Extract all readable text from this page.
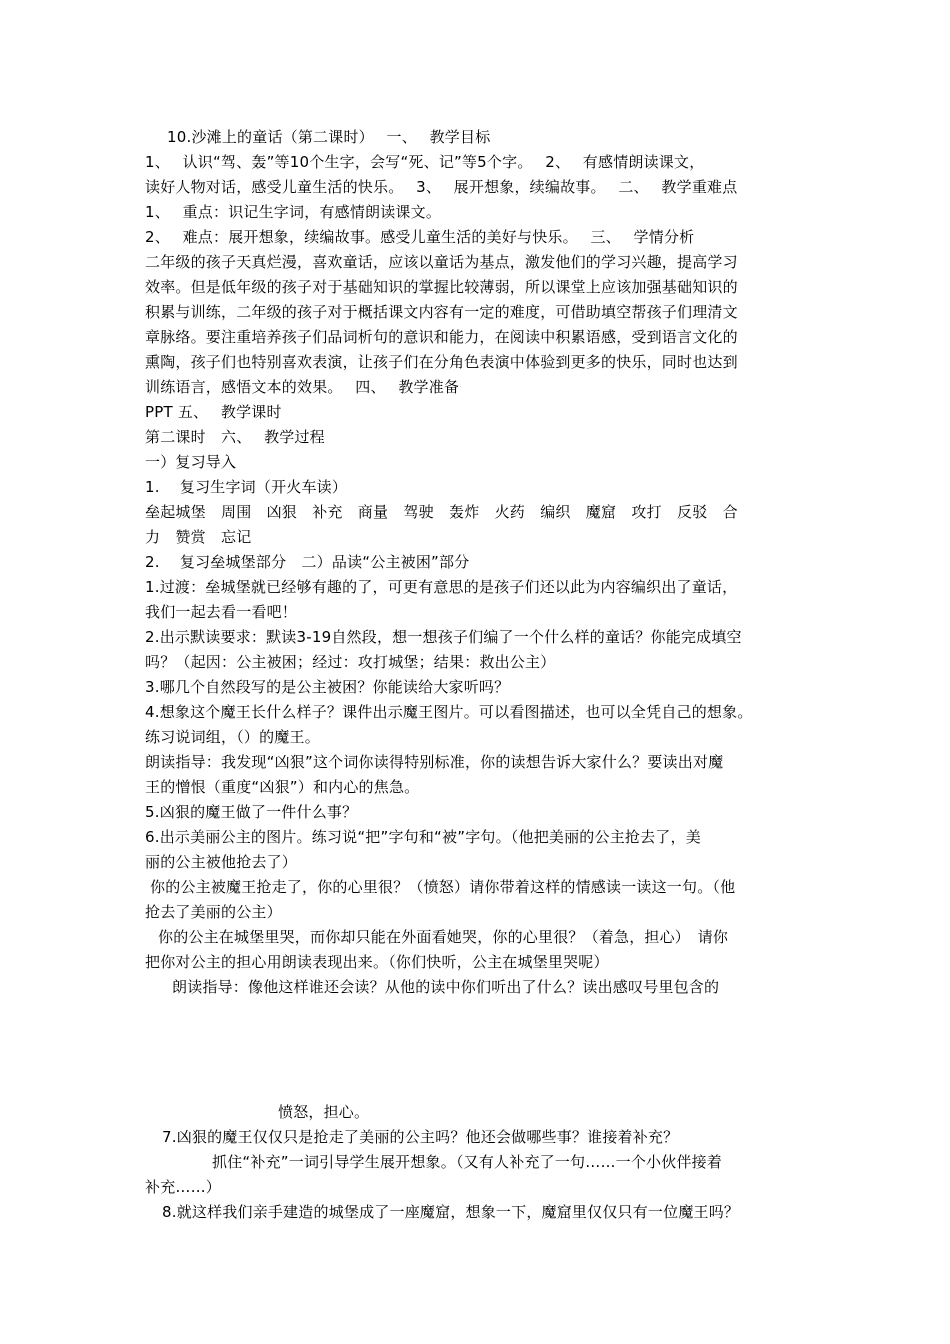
10.沙滩上的童话（第二课时）　 一、　 教学目标
1、　 认识“驾、轰”等10个生字，会写“死、记”等5个字。　 2、　 有感情朗读课文，
读好人物对话，感受儿童生活的快乐。　 3、　 展开想象，续编故事。　 二、　 教学重难点
1、　 重点：识记生字词，有感情朗读课文。
2、　 难点：展开想象，续编故事。感受儿童生活的美好与快乐。　 三、　 学情分析
二年级的孩子天真烂漫，喜欢童话，应该以童话为基点，激发他们的学习兴趣，提高学习
效率。但是低年级的孩子对于基础知识的掌握比较薄弱，所以课堂上应该加强基础知识的
积累与训练，二年级的孩子对于概括课文内容有一定的难度，可借助填空帮孩子们理清文
章脉络。要注重培养孩子们品词析句的意识和能力，在阅读中积累语感，受到语言文化的
熏陶，孩子们也特别喜欢表演，让孩子们在分角色表演中体验到更多的快乐，同时也达到
训练语言，感悟文本的效果。　 四、　 教学准备
PPT 五、　 教学课时
第二课时　六、　 教学过程
一）复习导入
1.　 复习生字词（开火车读）
垒起城堡　周围　凶狠　补充　商量　驾驶　轰炸　火药　编织　魔窟　攻打　反驳　合
力　赞赏　忘记
2.　 复习垒城堡部分　二）品读“公主被困”部分
1.过渡：垒城堡就已经够有趣的了，可更有意思的是孩子们还以此为内容编织出了童话，
我们一起去看一看吧！
2.出示默读要求：默读3-19自然段，想一想孩子们编了一个什么样的童话？你能完成填空
吗？（起因：公主被困；经过：攻打城堡；结果：救出公主）
3.哪几个自然段写的是公主被困？你能读给大家听吗？
4.想象这个魔王长什么样子？课件出示魔王图片。可以看图描述，也可以全凭自己的想象。
练习说词组，（）的魔王。
朗读指导：我发现“凶狠”这个词你读得特别标准，你的读想告诉大家什么？要读出对魔
王的憎恨（重度“凶狠”）和内心的焦急。
5.凶狠的魔王做了一件什么事？
6.出示美丽公主的图片。练习说“把”字句和“被”字句。（他把美丽的公主抢去了，美
丽的公主被他抢去了）
你的公主被魔王抢走了，你的心里很？（愤怒）请你带着这样的情感读一读这一句。（他
抢去了美丽的公主）
你的公主在城堡里哭，而你却只能在外面看她哭，你的心里很？（着急，担心）　请你
把你对公主的担心用朗读表现出来。（你们快听，公主在城堡里哭呢）
朗读指导：像他这样谁还会读？从他的读中你们听出了什么？读出感叹号里包含的
愤怒，担心。
7.凶狠的魔王仅仅只是抢走了美丽的公主吗？他还会做哪些事？谁接着补充？
抓住“补充”一词引导学生展开想象。（又有人补充了一句……一个小伙伴接着
补充……）
8.就这样我们亲手建造的城堡成了一座魔窟，想象一下，魔窟里仅仅只有一位魔王吗？
